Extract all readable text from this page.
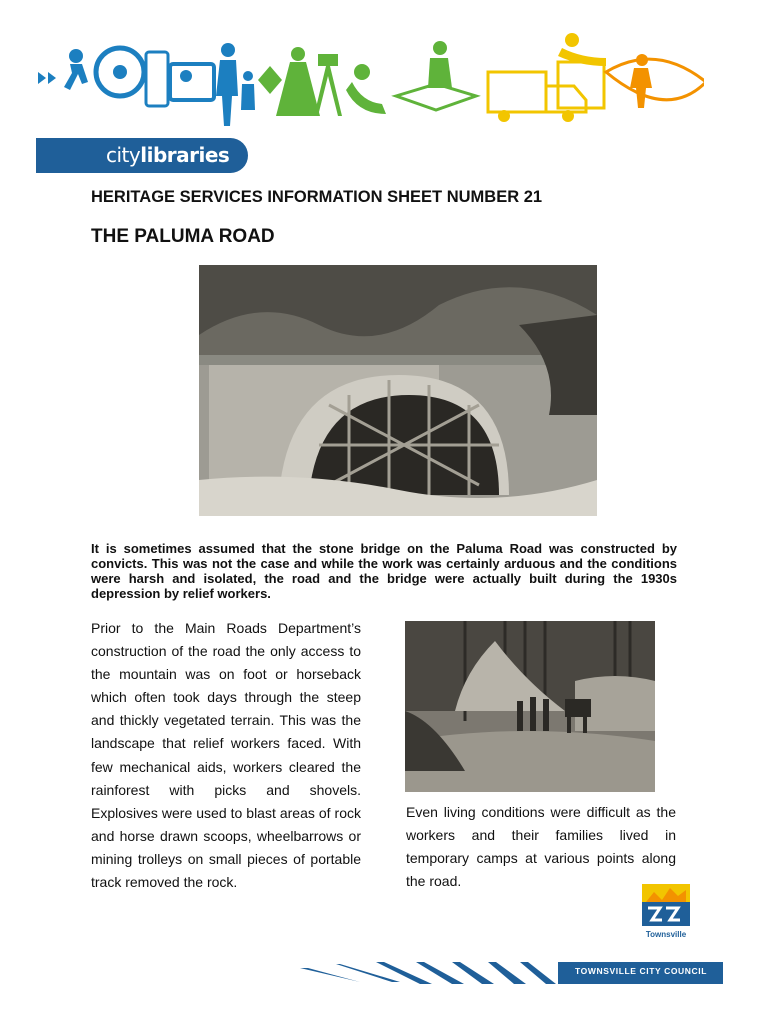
citylibraries
HERITAGE SERVICES INFORMATION SHEET NUMBER 21
THE PALUMA ROAD
It is sometimes assumed that the stone bridge on the Paluma Road was constructed by convicts. This was not the case and while the work was certainly arduous and the conditions were harsh and isolated, the road and the bridge were actually built during the 1930s depression by relief workers.
Prior to the Main Roads Department’s construction of the road the only access to the mountain was on foot or horseback which often took days through the steep and thickly vegetated terrain. This was the landscape that relief workers faced. With few mechanical aids, workers cleared the rainforest with picks and shovels. Explosives were used to blast areas of rock and horse drawn scoops, wheelbarrows or mining trolleys on small pieces of portable track removed the rock.
Even living conditions were difficult as the workers and their families lived in temporary camps at various points along the road.
Townsville
TOWNSVILLE CITY COUNCIL
